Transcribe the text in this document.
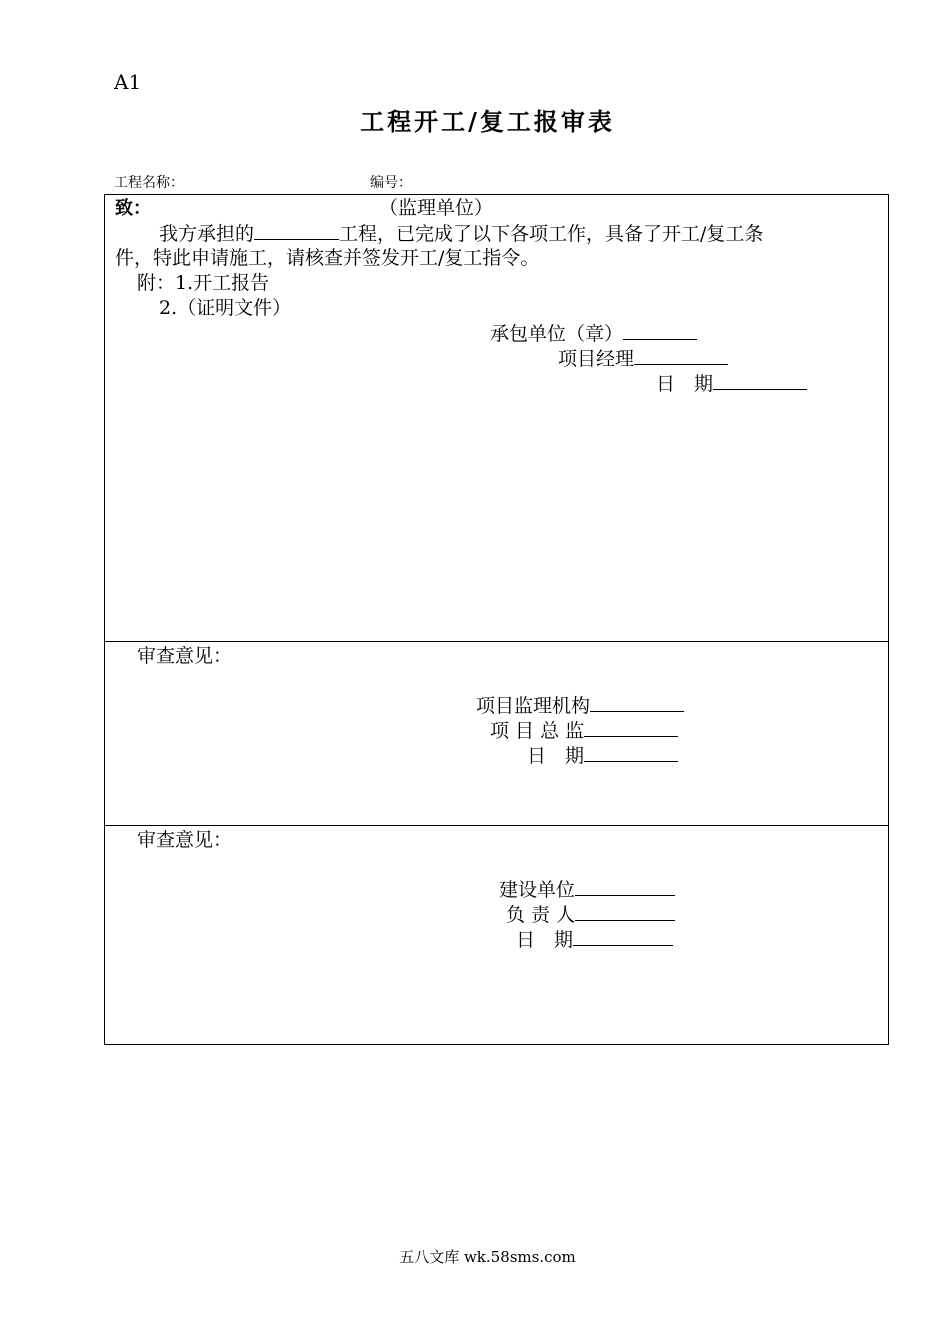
A1
工程开工/复工报审表
工程名称：	编号：
致：	（监理单位）
我方承担的	工程，已完成了以下各项工作，具备了开工/复工条
件，特此申请施工，请核查并签发开工/复工指令。
附：1.开工报告
2.（证明文件）
承包单位（章）
项目经理
日　期
审查意见：
项目监理机构
项 目 总 监
日　期
审查意见：
建设单位
负 责 人
日　期
五八文库 wk.58sms.com
